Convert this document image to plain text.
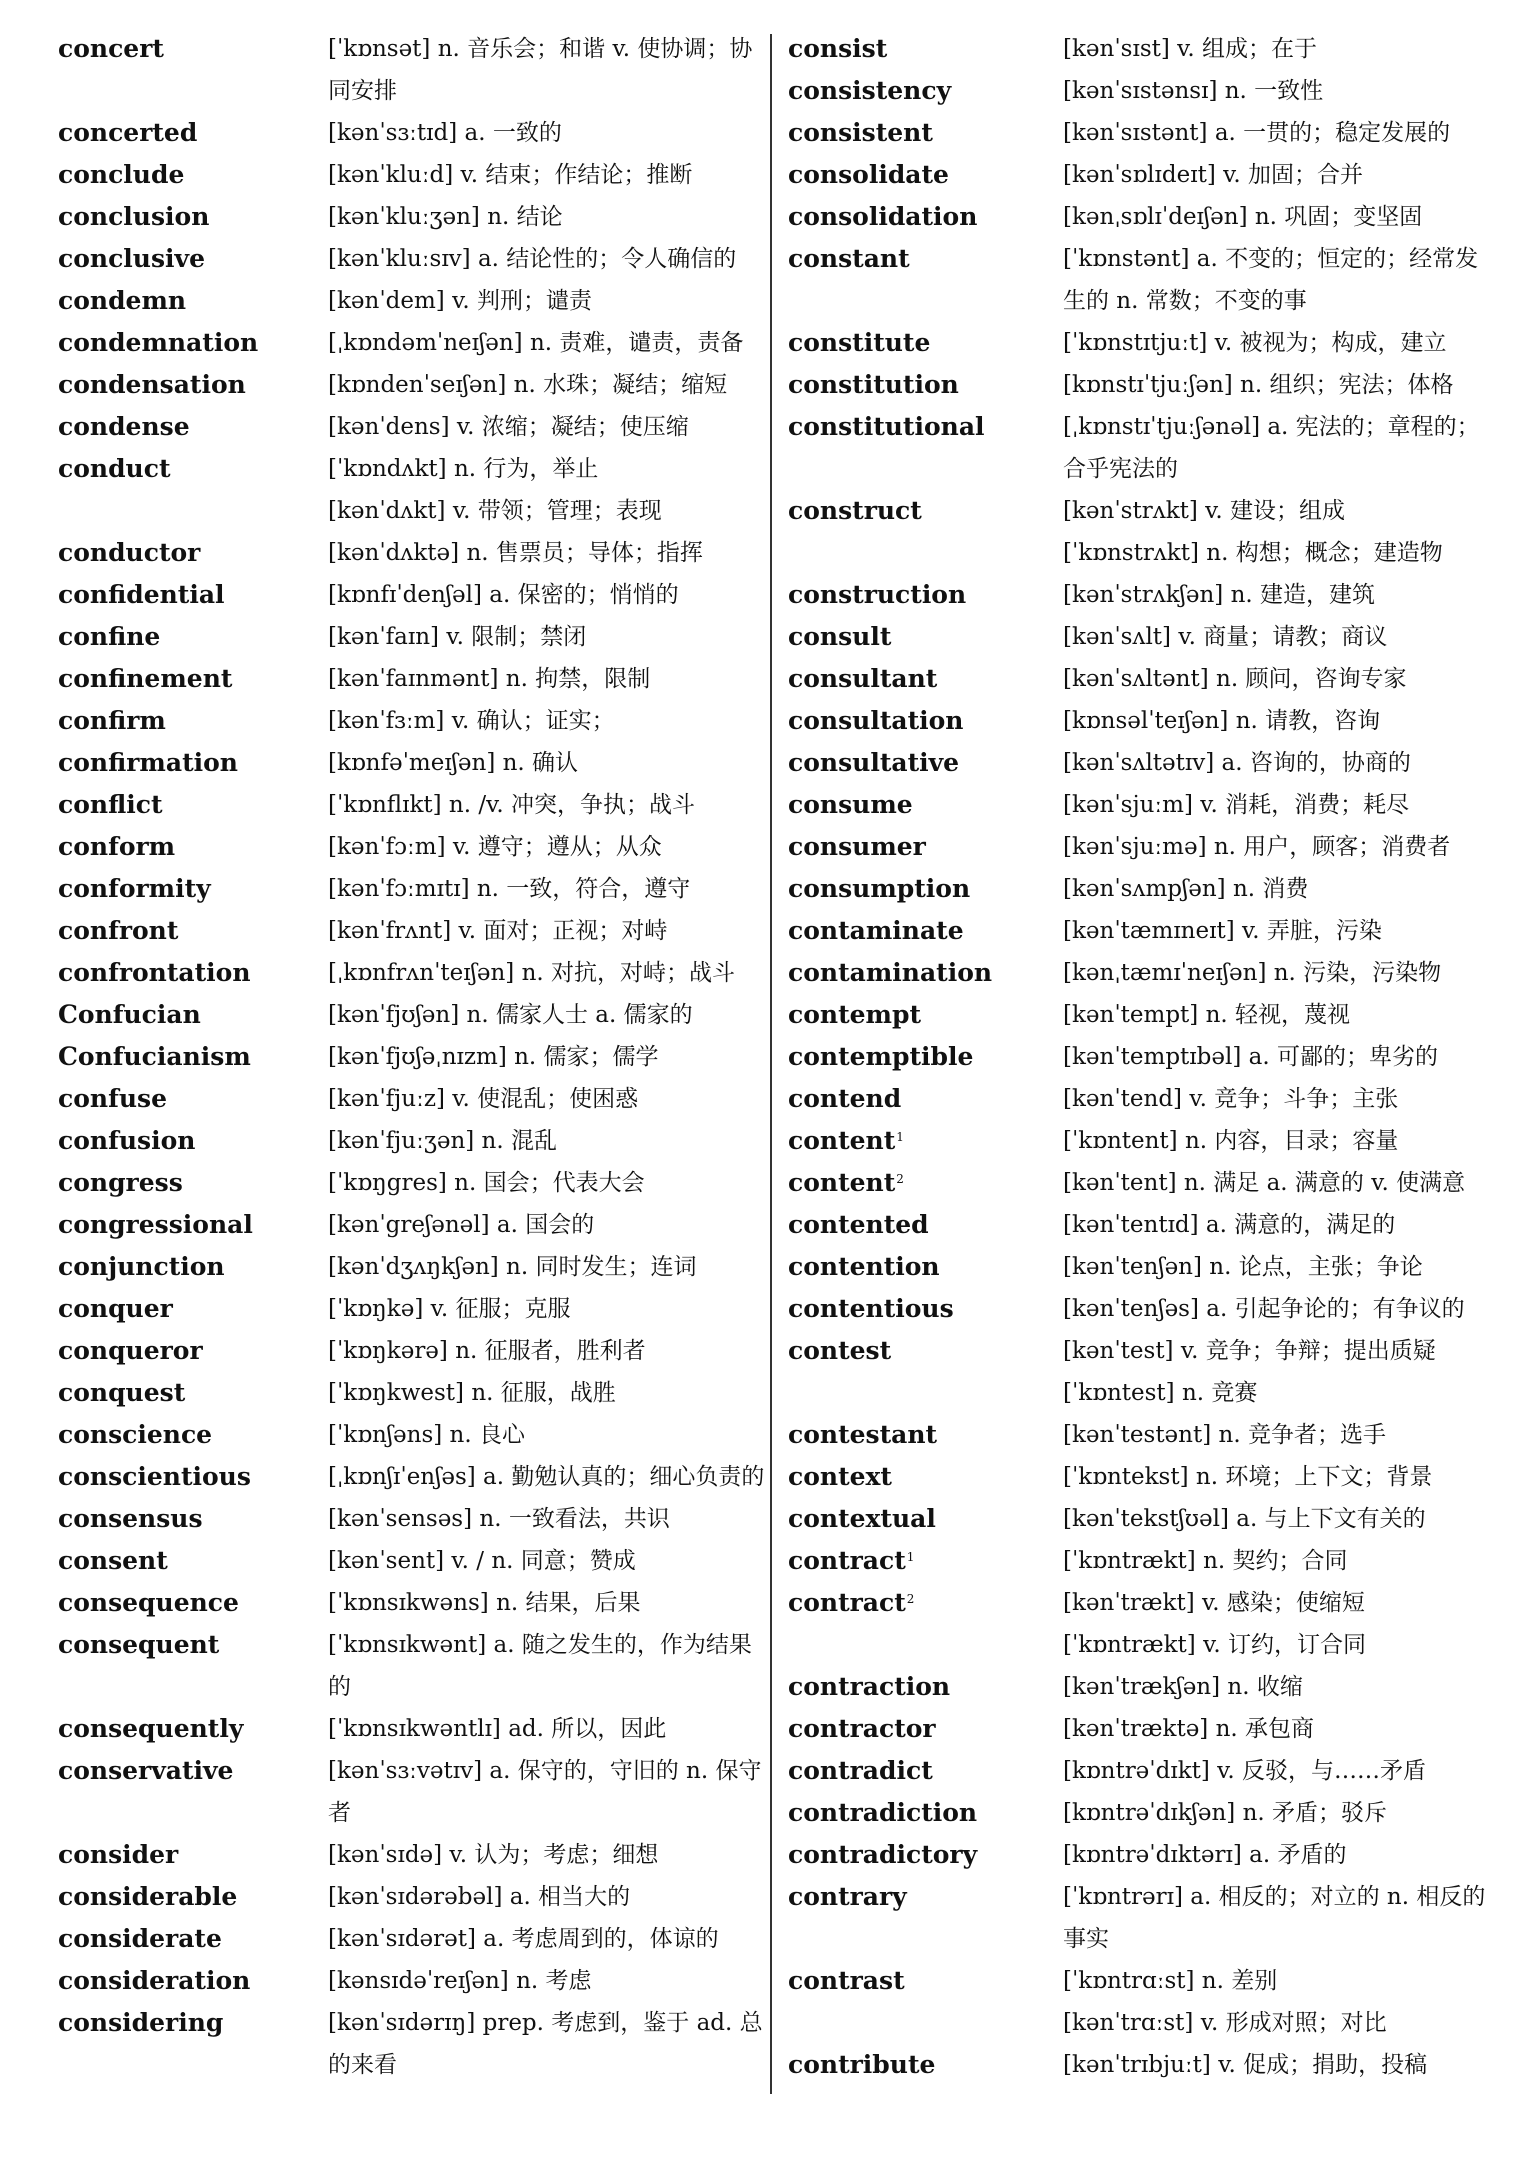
concert	[ˈkɒnsət] n. 音乐会；和谐 v. 使协调；协同安排
concerted	[kənˈsɜːtɪd] a. 一致的
conclude	[kənˈkluːd] v. 结束；作结论；推断
conclusion	[kənˈkluːʒən] n. 结论
conclusive	[kənˈkluːsɪv] a. 结论性的；令人确信的
condemn	[kənˈdem] v. 判刑；谴责
condemnation	[ˌkɒndəmˈneɪʃən] n. 责难，谴责，责备
condensation	[kɒndenˈseɪʃən] n. 水珠；凝结；缩短
condense	[kənˈdens] v. 浓缩；凝结；使压缩
conduct	[ˈkɒndʌkt] n. 行为，举止
[kənˈdʌkt] v. 带领；管理；表现
conductor	[kənˈdʌktə] n. 售票员；导体；指挥
confidential	[kɒnfɪˈdenʃəl] a. 保密的；悄悄的
confine	[kənˈfaɪn] v. 限制；禁闭
confinement	[kənˈfaɪnmənt] n. 拘禁，限制
confirm	[kənˈfɜːm] v. 确认；证实；
confirmation	[kɒnfəˈmeɪʃən] n. 确认
conflict	[ˈkɒnflɪkt] n. /v. 冲突，争执；战斗
conform	[kənˈfɔːm] v. 遵守；遵从；从众
conformity	[kənˈfɔːmɪtɪ] n. 一致，符合，遵守
confront	[kənˈfrʌnt] v. 面对；正视；对峙
confrontation	[ˌkɒnfrʌnˈteɪʃən] n. 对抗，对峙；战斗
Confucian	[kənˈfjʊʃən] n. 儒家人士 a. 儒家的
Confucianism	[kənˈfjʊʃəˌnɪzm] n. 儒家；儒学
confuse	[kənˈfjuːz] v. 使混乱；使困惑
confusion	[kənˈfjuːʒən] n. 混乱
congress	[ˈkɒŋgres] n. 国会；代表大会
congressional	[kənˈgreʃənəl] a. 国会的
conjunction	[kənˈdʒʌŋkʃən] n. 同时发生；连词
conquer	[ˈkɒŋkə] v. 征服；克服
conqueror	[ˈkɒŋkərə] n. 征服者，胜利者
conquest	[ˈkɒŋkwest] n. 征服，战胜
conscience	[ˈkɒnʃəns] n. 良心
conscientious	[ˌkɒnʃɪˈenʃəs] a. 勤勉认真的；细心负责的
consensus	[kənˈsensəs] n. 一致看法，共识
consent	[kənˈsent] v. / n. 同意；赞成
consequence	[ˈkɒnsɪkwəns] n. 结果，后果
consequent	[ˈkɒnsɪkwənt] a. 随之发生的，作为结果的
consequently	[ˈkɒnsɪkwəntlɪ] ad. 所以，因此
conservative	[kənˈsɜːvətɪv] a. 保守的，守旧的 n. 保守者
consider	[kənˈsɪdə] v. 认为；考虑；细想
considerable	[kənˈsɪdərəbəl] a. 相当大的
considerate	[kənˈsɪdərət] a. 考虑周到的，体谅的
consideration	[kənsɪdəˈreɪʃən] n. 考虑
considering	[kənˈsɪdərɪŋ] prep. 考虑到，鉴于 ad. 总的来看
consist	[kənˈsɪst] v. 组成；在于
consistency	[kənˈsɪstənsɪ] n. 一致性
consistent	[kənˈsɪstənt] a. 一贯的；稳定发展的
consolidate	[kənˈsɒlɪdeɪt] v. 加固；合并
consolidation	[kənˌsɒlɪˈdeɪʃən] n. 巩固；变坚固
constant	[ˈkɒnstənt] a. 不变的；恒定的；经常发生的 n. 常数；不变的事
constitute	[ˈkɒnstɪtjuːt] v. 被视为；构成，建立
constitution	[kɒnstɪˈtjuːʃən] n. 组织；宪法；体格
constitutional	[ˌkɒnstɪˈtjuːʃənəl] a. 宪法的；章程的；合乎宪法的
construct	[kənˈstrʌkt] v. 建设；组成
[ˈkɒnstrʌkt] n. 构想；概念；建造物
construction	[kənˈstrʌkʃən] n. 建造，建筑
consult	[kənˈsʌlt] v. 商量；请教；商议
consultant	[kənˈsʌltənt] n. 顾问，咨询专家
consultation	[kɒnsəlˈteɪʃən] n. 请教，咨询
consultative	[kənˈsʌltətɪv] a. 咨询的，协商的
consume	[kənˈsjuːm] v. 消耗，消费；耗尽
consumer	[kənˈsjuːmə] n. 用户，顾客；消费者
consumption	[kənˈsʌmpʃən] n. 消费
contaminate	[kənˈtæmɪneɪt] v. 弄脏，污染
contamination	[kənˌtæmɪˈneɪʃən] n. 污染，污染物
contempt	[kənˈtempt] n. 轻视，蔑视
contemptible	[kənˈtemptɪbəl] a. 可鄙的；卑劣的
contend	[kənˈtend] v. 竞争；斗争；主张
content$^1$	[ˈkɒntent] n. 内容，目录；容量
content$^2$	[kənˈtent] n. 满足 a. 满意的 v. 使满意
contented	[kənˈtentɪd] a. 满意的，满足的
contention	[kənˈtenʃən] n. 论点，主张；争论
contentious	[kənˈtenʃəs] a. 引起争论的；有争议的
contest	[kənˈtest] v. 竞争；争辩；提出质疑
[ˈkɒntest] n. 竞赛
contestant	[kənˈtestənt] n. 竞争者；选手
context	[ˈkɒntekst] n. 环境；上下文；背景
contextual	[kənˈtekstʃʊəl] a. 与上下文有关的
contract$^1$	[ˈkɒntrækt] n. 契约；合同
contract$^2$	[kənˈtrækt] v. 感染；使缩短
[ˈkɒntrækt] v. 订约，订合同
contraction	[kənˈtrækʃən] n. 收缩
contractor	[kənˈtræktə] n. 承包商
contradict	[kɒntrəˈdɪkt] v. 反驳，与……矛盾
contradiction	[kɒntrəˈdɪkʃən] n. 矛盾；驳斥
contradictory	[kɒntrəˈdɪktərɪ] a. 矛盾的
contrary	[ˈkɒntrərɪ] a. 相反的；对立的 n. 相反的事实
contrast	[ˈkɒntrɑːst] n. 差别
[kənˈtrɑːst] v. 形成对照；对比
contribute	[kənˈtrɪbjuːt] v. 促成；捐助，投稿
